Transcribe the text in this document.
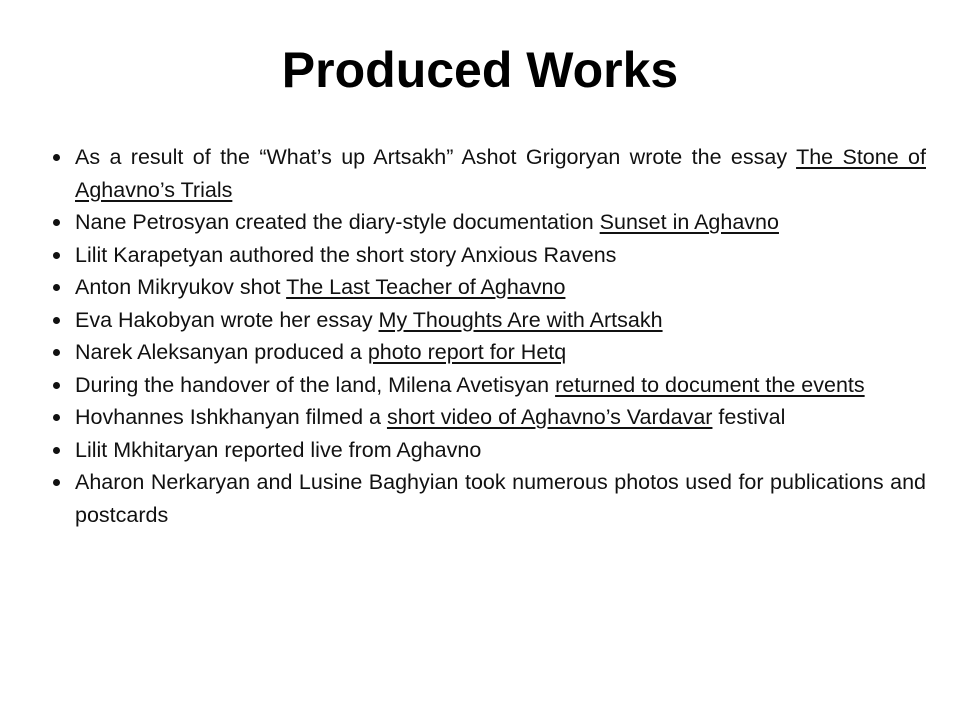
Produced Works
As a result of the “What’s up Artsakh” Ashot Grigoryan wrote the essay The Stone of Aghavno’s Trials
Nane Petrosyan created the diary-style documentation Sunset in Aghavno
Lilit Karapetyan authored the short story Anxious Ravens
Anton Mikryukov shot The Last Teacher of Aghavno
Eva Hakobyan wrote her essay My Thoughts Are with Artsakh
Narek Aleksanyan produced a photo report for Hetq
During the handover of the land, Milena Avetisyan returned to document the events
Hovhannes Ishkhanyan filmed a short video of Aghavno’s Vardavar festival
Lilit Mkhitaryan reported live from Aghavno
Aharon Nerkaryan and Lusine Baghyian took numerous photos used for publications and postcards
